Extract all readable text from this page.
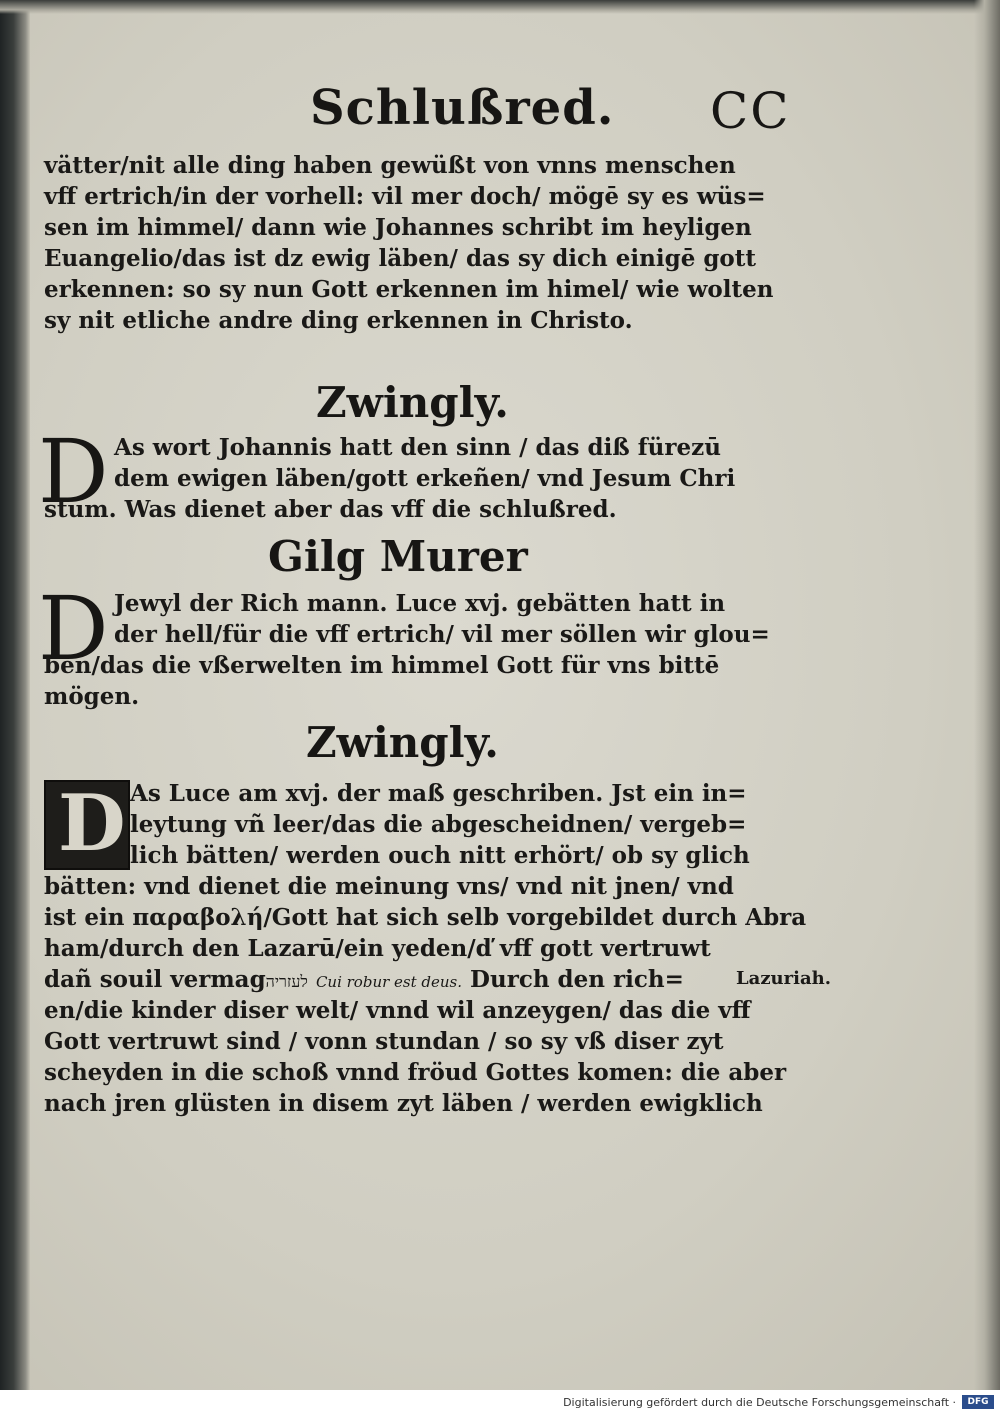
Schlußred. CC
vätter/nit alle ding haben gewüßt von vnns menschen
vff ertrich/in der vorhell: vil mer doch/ mögē sy es wüs=
sen im himmel/ dann wie Johannes schribt im heyligen
Euangelio/das ist dz ewig läben/ das sy dich einigē gott
erkennen: so sy nun Gott erkennen im himel/ wie wolten
sy nit etliche andre ding erkennen in Christo.
Zwingly.
D As wort Johannis hatt den sinn / das diß fürezū
dem ewigen läben/gott erkeñen/ vnd Jesum Chri
stum. Was dienet aber das vff die schlußred.
Gilg Murer
D Jewyl der Rich mann. Luce xvj. gebätten hatt in
der hell/für die vff ertrich/ vil mer söllen wir glou=
ben/das die vßerwelten im himmel Gott für vns bittē
mögen.
Zwingly.
D As Luce am xvj. der maß geschriben. Jst ein in=
leytung vñ leer/das die abgescheidnen/ vergeb=
lich bätten/ werden ouch nitt erhört/ ob sy glich
bätten: vnd dienet die meinung vns/ vnd nit jnen/ vnd
ist ein παραβολή/Gott hat sich selb vorgebildet durch Abra
ham/durch den Lazarū/ein yeden/ď vff gott vertruwt
dañ souil vermagלעזריה Cui robur est deus. Durch den rich=
en/die kinder diser welt/ vnnd wil anzeygen/ das die vff
Gott vertruwt sind / vonn stundan / so sy vß diser zyt
scheyden in die schoß vnnd fröud Gottes komen: die aber
nach jren glüsten in disem zyt läben / werden ewigklich
Lazuriah.
Digitalisierung gefördert durch die Deutsche Forschungsgemeinschaft ·	DFG
